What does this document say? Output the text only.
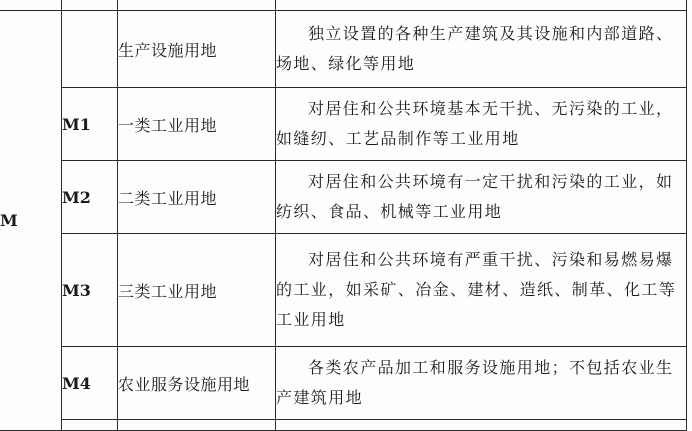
M		生产设施用地	独立设置的各种生产建筑及其设施和内部道路、场地、绿化等用地
	M1	一类工业用地	对居住和公共环境基本无干扰、无污染的工业，如缝纫、工艺品制作等工业用地
	M2	二类工业用地	对居住和公共环境有一定干扰和污染的工业，如纺织、食品、机械等工业用地
	M3	三类工业用地	对居住和公共环境有严重干扰、污染和易燃易爆的工业，如采矿、冶金、建材、造纸、制革、化工等工业用地
	M4	农业服务设施用地	各类农产品加工和服务设施用地；不包括农业生产建筑用地
